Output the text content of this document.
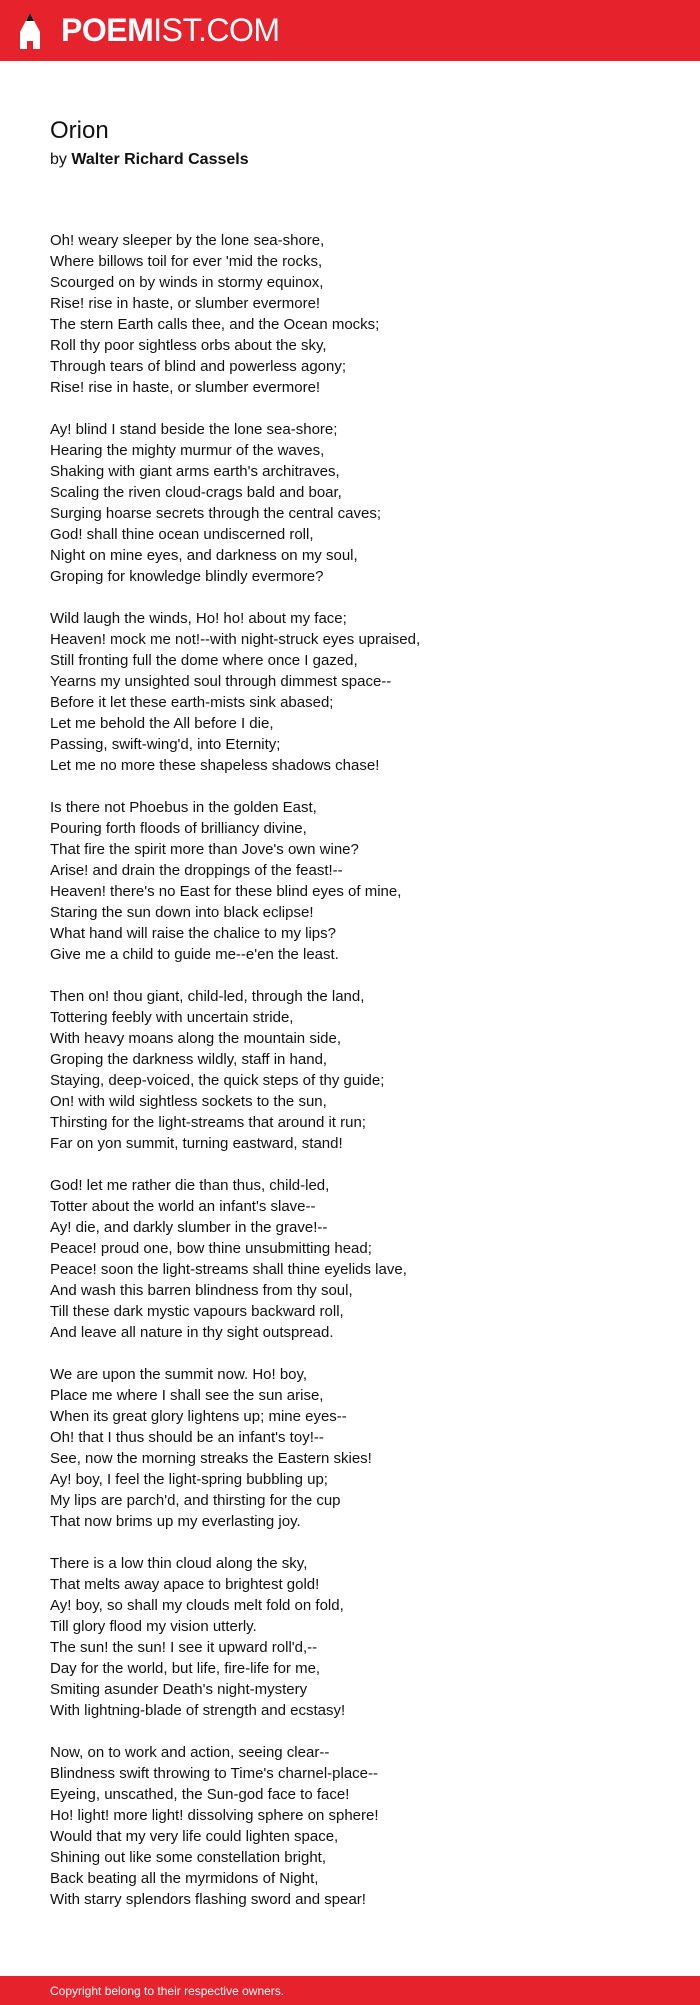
POEMIST.COM
Orion

by Walter Richard Cassels

Oh! weary sleeper by the lone sea-shore,
Where billows toil for ever 'mid the rocks,
Scourged on by winds in stormy equinox,
Rise! rise in haste, or slumber evermore!
The stern Earth calls thee, and the Ocean mocks;
Roll thy poor sightless orbs about the sky,
Through tears of blind and powerless agony;
Rise! rise in haste, or slumber evermore!
Ay! blind I stand beside the lone sea-shore;
Hearing the mighty murmur of the waves,
Shaking with giant arms earth's architraves,
Scaling the riven cloud-crags bald and boar,
Surging hoarse secrets through the central caves;
God! shall thine ocean undiscerned roll,
Night on mine eyes, and darkness on my soul,
Groping for knowledge blindly evermore?
Wild laugh the winds, Ho! ho! about my face;
Heaven! mock me not!--with night-struck eyes upraised,
Still fronting full the dome where once I gazed,
Yearns my unsighted soul through dimmest space--
Before it let these earth-mists sink abased;
Let me behold the All before I die,
Passing, swift-wing'd, into Eternity;
Let me no more these shapeless shadows chase!
Is there not Phoebus in the golden East,
Pouring forth floods of brilliancy divine,
That fire the spirit more than Jove's own wine?
Arise! and drain the droppings of the feast!--
Heaven! there's no East for these blind eyes of mine,
Staring the sun down into black eclipse!
What hand will raise the chalice to my lips?
Give me a child to guide me--e'en the least.
Then on! thou giant, child-led, through the land,
Tottering feebly with uncertain stride,
With heavy moans along the mountain side,
Groping the darkness wildly, staff in hand,
Staying, deep-voiced, the quick steps of thy guide;
On! with wild sightless sockets to the sun,
Thirsting for the light-streams that around it run;
Far on yon summit, turning eastward, stand!
God! let me rather die than thus, child-led,
Totter about the world an infant's slave--
Ay! die, and darkly slumber in the grave!--
Peace! proud one, bow thine unsubmitting head;
Peace! soon the light-streams shall thine eyelids lave,
And wash this barren blindness from thy soul,
Till these dark mystic vapours backward roll,
And leave all nature in thy sight outspread.
We are upon the summit now. Ho! boy,
Place me where I shall see the sun arise,
When its great glory lightens up; mine eyes--
Oh! that I thus should be an infant's toy!--
See, now the morning streaks the Eastern skies!
Ay! boy, I feel the light-spring bubbling up;
My lips are parch'd, and thirsting for the cup
That now brims up my everlasting joy.
There is a low thin cloud along the sky,
That melts away apace to brightest gold!
Ay! boy, so shall my clouds melt fold on fold,
Till glory flood my vision utterly.
The sun! the sun! I see it upward roll'd,--
Day for the world, but life, fire-life for me,
Smiting asunder Death's night-mystery
With lightning-blade of strength and ecstasy!
Now, on to work and action, seeing clear--
Blindness swift throwing to Time's charnel-place--
Eyeing, unscathed, the Sun-god face to face!
Ho! light! more light! dissolving sphere on sphere!
Would that my very life could lighten space,
Shining out like some constellation bright,
Back beating all the myrmidons of Night,
With starry splendors flashing sword and spear!
Copyright belong to their respective owners.
